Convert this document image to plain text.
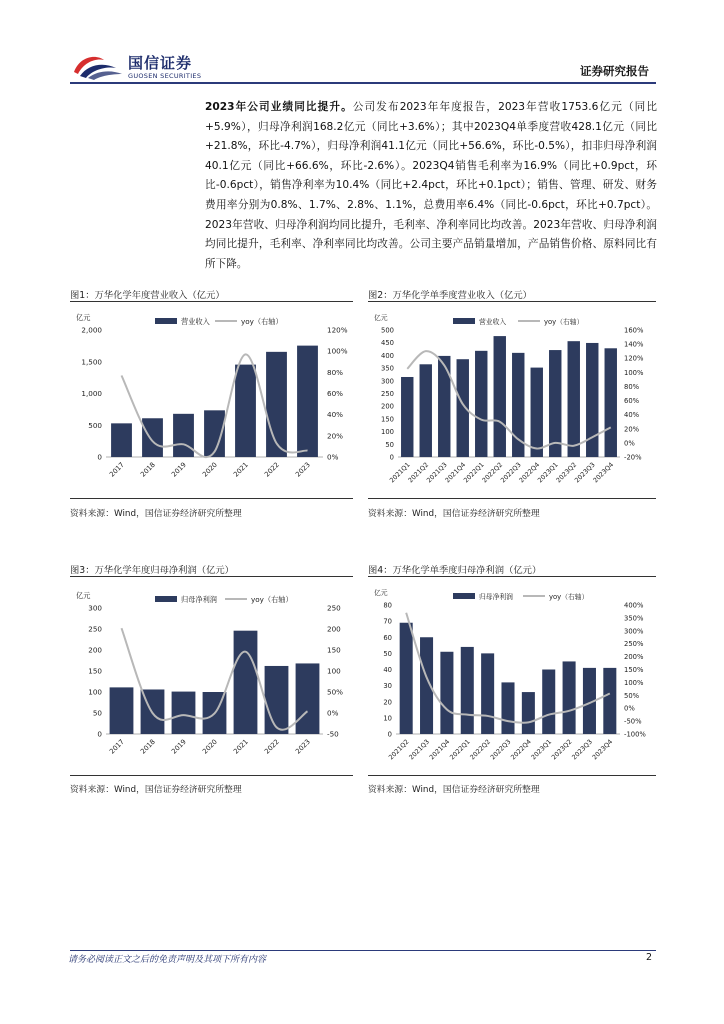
国信证券
GUOSEN SECURITIES	证券研究报告
2023年公司业绩同比提升。公司发布2023年年度报告，2023年营收1753.6亿元（同比+5.9%），归母净利润168.2亿元（同比+3.6%）；其中2023Q4单季度营收428.1亿元（同比+21.8%，环比-4.7%），归母净利润41.1亿元（同比+56.6%，环比-0.5%），扣非归母净利润40.1亿元（同比+66.6%，环比-2.6%）。2023Q4销售毛利率为16.9%（同比+0.9pct，环比-0.6pct），销售净利率为10.4%（同比+2.4pct，环比+0.1pct）；销售、管理、研发、财务费用率分别为0.8%、1.7%、2.8%、1.1%，总费用率6.4%（同比-0.6pct，环比+0.7pct）。2023年营收、归母净利润均同比提升，毛利率、净利率同比均改善。2023年营收、归母净利润均同比提升，毛利率、净利率同比均改善。公司主要产品销量增加，产品销售价格、原料同比有所下降。
图1：万华化学年度营业收入（亿元）	图2：万华化学单季度营业收入（亿元）
资料来源：Wind，国信证券经济研究所整理	资料来源：Wind，国信证券经济研究所整理
图3：万华化学年度归母净利润（亿元）	图4：万华化学单季度归母净利润（亿元）
资料来源：Wind，国信证券经济研究所整理	资料来源：Wind，国信证券经济研究所整理
亿元
0
500
1,000
1,500
2,000
0%
20%
40%
60%
80%
100%
120%
2017 2018 2019 2020 2021 2022 2023
营业收入	yoy（右轴）	亿元
0
50
100
150
200
250
300
350
400
450
500
-20%
0%
20%
40%
60%
80%
100%
120%
140%
160%
2021Q1
2021Q2
2021Q3
2021Q4
2022Q1
2022Q2
2022Q3
2022Q4
2023Q1
2023Q2
2023Q3
2023Q4
营业收入	yoy（右轴）
亿元
0
50
100
150
200
250
300
-50
0%
50%
100
150
200
250
2017 2018 2019 2020 2021 2022 2023
归母净利润	yoy（右轴）
亿元
0
10
20
30
40
50
60
70
80
-100%
-50%
0%
50%
100%
150%
200%
250%
300%
350%
400%
2021Q2
2021Q3
2021Q4
2022Q1
2022Q2
2022Q3
2022Q4
2023Q1
2023Q2
2023Q3
2023Q4
归母净利润	yoy（右轴）
请务必阅读正文之后的免责声明及其项下所有内容	2
